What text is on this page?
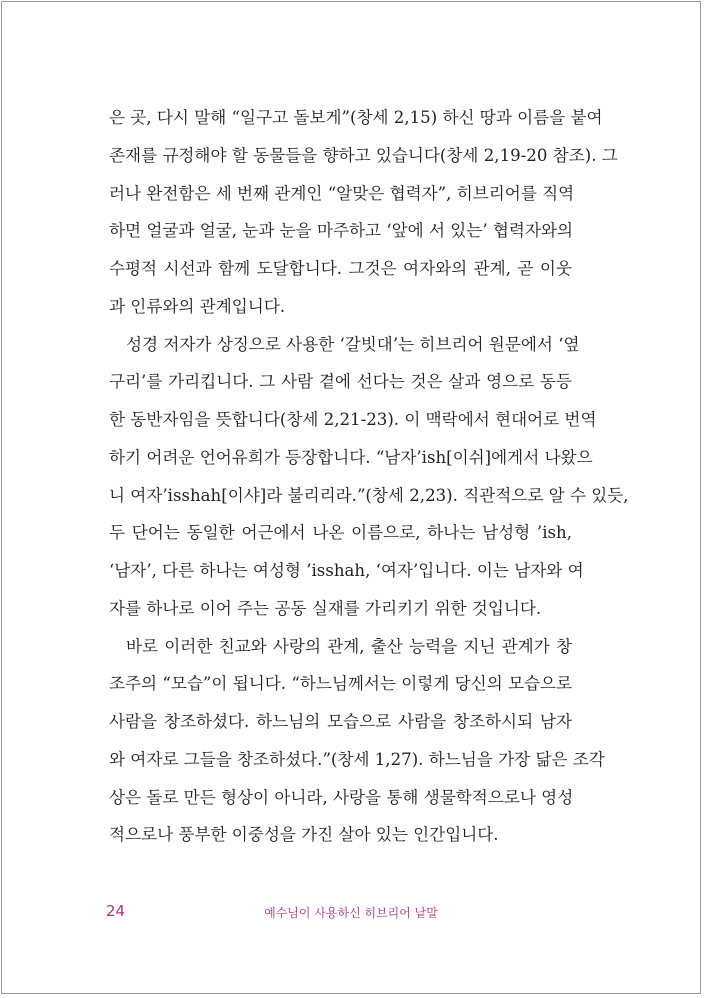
은 곳, 다시 말해 “일구고 돌보게”(창세 2,15) 하신 땅과 이름을 붙여
존재를 규정해야 할 동물들을 향하고 있습니다(창세 2,19-20 참조). 그
러나 완전함은 세 번째 관계인 “알맞은 협력자”, 히브리어를 직역
하면 얼굴과 얼굴, 눈과 눈을 마주하고 ‘앞에 서 있는’ 협력자와의
수평적 시선과 함께 도달합니다. 그것은 여자와의 관계, 곧 이웃
과 인류와의 관계입니다.
성경 저자가 상징으로 사용한 ‘갈빗대’는 히브리어 원문에서 ‘옆
구리’를 가리킵니다. 그 사람 곁에 선다는 것은 살과 영으로 동등
한 동반자임을 뜻합니다(창세 2,21-23). 이 맥락에서 현대어로 번역
하기 어려운 언어유희가 등장합니다. “남자’ish[이쉬]에게서 나왔으
니 여자’isshah[이샤]라 불리리라.”(창세 2,23). 직관적으로 알 수 있듯,
두 단어는 동일한 어근에서 나온 이름으로, 하나는 남성형 ’ish,
‘남자’, 다른 하나는 여성형 ’isshah, ‘여자’입니다. 이는 남자와 여
자를 하나로 이어 주는 공동 실재를 가리키기 위한 것입니다.
바로 이러한 친교와 사랑의 관계, 출산 능력을 지닌 관계가 창
조주의 “모습”이 됩니다. “하느님께서는 이렇게 당신의 모습으로
사람을 창조하셨다. 하느님의 모습으로 사람을 창조하시되 남자
와 여자로 그들을 창조하셨다.”(창세 1,27). 하느님을 가장 닮은 조각
상은 돌로 만든 형상이 아니라, 사랑을 통해 생물학적으로나 영성
적으로나 풍부한 이중성을 가진 살아 있는 인간입니다.

24	예수님이 사용하신 히브리어 낱말
